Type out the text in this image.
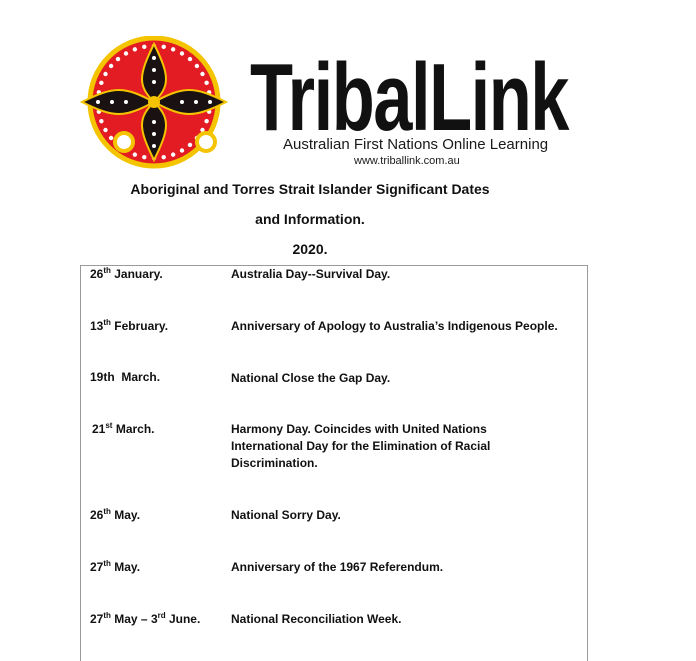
TribalLink
Australian First Nations Online Learning
www.triballink.com.au
Aboriginal and Torres Strait Islander Significant Dates
and Information.
2020.
26th January.	Australia Day--Survival Day.
13th February.	Anniversary of Apology to Australia’s Indigenous People.
19th  March.	National Close the Gap Day.
21st March.	Harmony Day. Coincides with United Nations International Day for the Elimination of Racial Discrimination.
26th May.	National Sorry Day.
27th May.	Anniversary of the 1967 Referendum.
27th May – 3rd June.	National Reconciliation Week.
